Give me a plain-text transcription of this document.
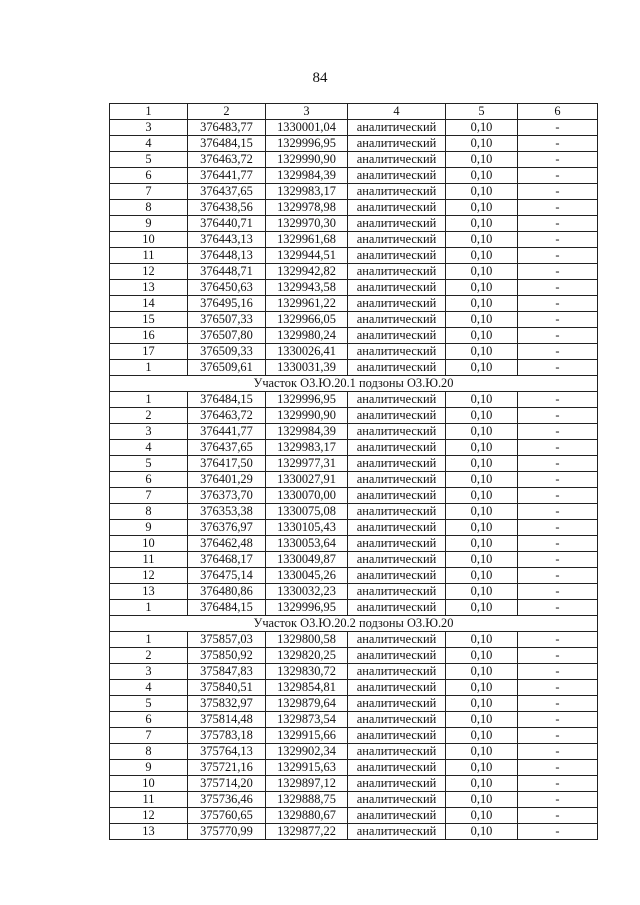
84
1	2	3	4	5	6
3	376483,77	1330001,04	аналитический	0,10	-
4	376484,15	1329996,95	аналитический	0,10	-
5	376463,72	1329990,90	аналитический	0,10	-
6	376441,77	1329984,39	аналитический	0,10	-
7	376437,65	1329983,17	аналитический	0,10	-
8	376438,56	1329978,98	аналитический	0,10	-
9	376440,71	1329970,30	аналитический	0,10	-
10	376443,13	1329961,68	аналитический	0,10	-
11	376448,13	1329944,51	аналитический	0,10	-
12	376448,71	1329942,82	аналитический	0,10	-
13	376450,63	1329943,58	аналитический	0,10	-
14	376495,16	1329961,22	аналитический	0,10	-
15	376507,33	1329966,05	аналитический	0,10	-
16	376507,80	1329980,24	аналитический	0,10	-
17	376509,33	1330026,41	аналитический	0,10	-
1	376509,61	1330031,39	аналитический	0,10	-
Участок О3.Ю.20.1 подзоны О3.Ю.20					
1	376484,15	1329996,95	аналитический	0,10	-
2	376463,72	1329990,90	аналитический	0,10	-
3	376441,77	1329984,39	аналитический	0,10	-
4	376437,65	1329983,17	аналитический	0,10	-
5	376417,50	1329977,31	аналитический	0,10	-
6	376401,29	1330027,91	аналитический	0,10	-
7	376373,70	1330070,00	аналитический	0,10	-
8	376353,38	1330075,08	аналитический	0,10	-
9	376376,97	1330105,43	аналитический	0,10	-
10	376462,48	1330053,64	аналитический	0,10	-
11	376468,17	1330049,87	аналитический	0,10	-
12	376475,14	1330045,26	аналитический	0,10	-
13	376480,86	1330032,23	аналитический	0,10	-
1	376484,15	1329996,95	аналитический	0,10	-
Участок О3.Ю.20.2 подзоны О3.Ю.20					
1	375857,03	1329800,58	аналитический	0,10	-
2	375850,92	1329820,25	аналитический	0,10	-
3	375847,83	1329830,72	аналитический	0,10	-
4	375840,51	1329854,81	аналитический	0,10	-
5	375832,97	1329879,64	аналитический	0,10	-
6	375814,48	1329873,54	аналитический	0,10	-
7	375783,18	1329915,66	аналитический	0,10	-
8	375764,13	1329902,34	аналитический	0,10	-
9	375721,16	1329915,63	аналитический	0,10	-
10	375714,20	1329897,12	аналитический	0,10	-
11	375736,46	1329888,75	аналитический	0,10	-
12	375760,65	1329880,67	аналитический	0,10	-
13	375770,99	1329877,22	аналитический	0,10	-
